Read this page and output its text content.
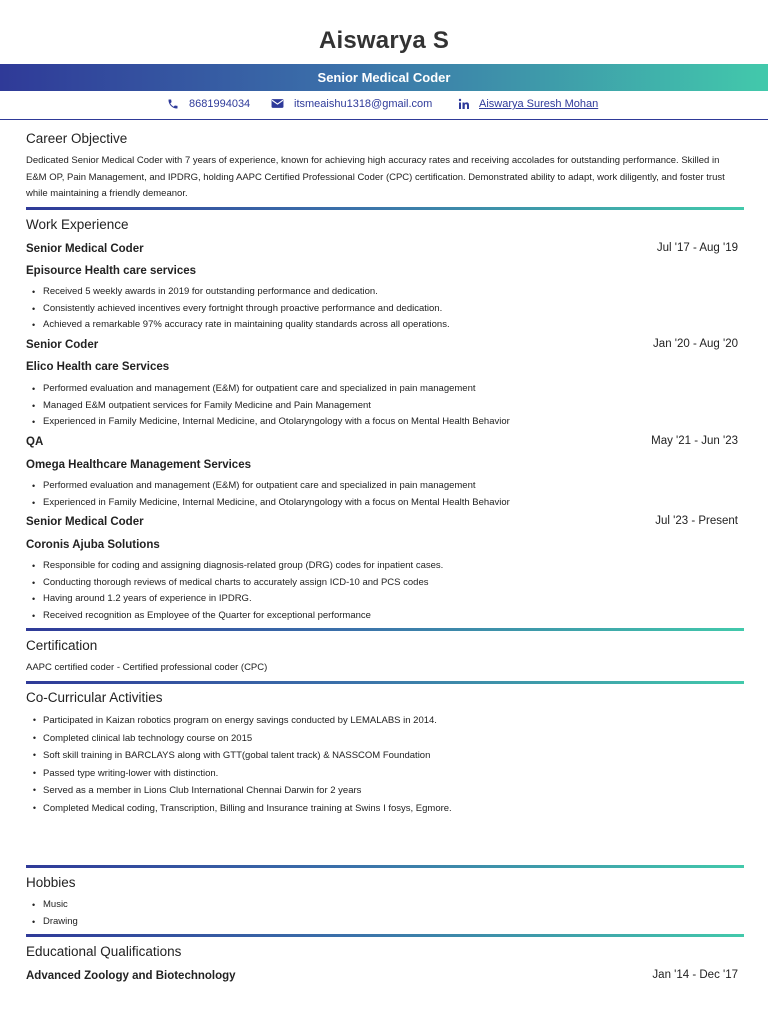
Aiswarya S
Senior Medical Coder
8681994034	itsmeaishu1318@gmail.com	Aiswarya Suresh Mohan
Career Objective
Dedicated Senior Medical Coder with 7 years of experience, known for achieving high accuracy rates and receiving accolades for outstanding performance. Skilled in E&M OP, Pain Management, and IPDRG, holding AAPC Certified Professional Coder (CPC) certification. Demonstrated ability to adapt, work diligently, and foster trust while maintaining a friendly demeanor.
Work Experience
Senior Medical Coder	Jul '17 - Aug '19
Episource Health care services
• Received 5 weekly awards in 2019 for outstanding performance and dedication.
• Consistently achieved incentives every fortnight through proactive performance and dedication.
• Achieved a remarkable 97% accuracy rate in maintaining quality standards across all operations.
Senior Coder	Jan '20 - Aug '20
Elico Health care Services
• Performed evaluation and management (E&M) for outpatient care and specialized in pain management
• Managed E&M outpatient services for Family Medicine and Pain Management
• Experienced in Family Medicine, Internal Medicine, and Otolaryngology with a focus on Mental Health Behavior
QA	May '21 - Jun '23
Omega Healthcare Management Services
• Performed evaluation and management (E&M) for outpatient care and specialized in pain management
• Experienced in Family Medicine, Internal Medicine, and Otolaryngology with a focus on Mental Health Behavior
Senior Medical Coder	Jul '23 - Present
Coronis Ajuba Solutions
• Responsible for coding and assigning diagnosis-related group (DRG) codes for inpatient cases.
• Conducting thorough reviews of medical charts to accurately assign ICD-10 and PCS codes
• Having around 1.2 years of experience in IPDRG.
• Received recognition as Employee of the Quarter for exceptional performance
Certification
AAPC certified coder - Certified professional coder (CPC)
Co-Curricular Activities
• Participated in Kaizan robotics program on energy savings conducted by LEMALABS in 2014.
• Completed clinical lab technology course on 2015
• Soft skill training in BARCLAYS along with GTT(gobal talent track) & NASSCOM Foundation
• Passed type writing-lower with distinction.
• Served as a member in Lions Club International Chennai Darwin for 2 years
• Completed Medical coding, Transcription, Billing and Insurance training at Swins I fosys, Egmore.
Hobbies
• Music
• Drawing
Educational Qualifications
Advanced Zoology and Biotechnology	Jan '14 - Dec '17
